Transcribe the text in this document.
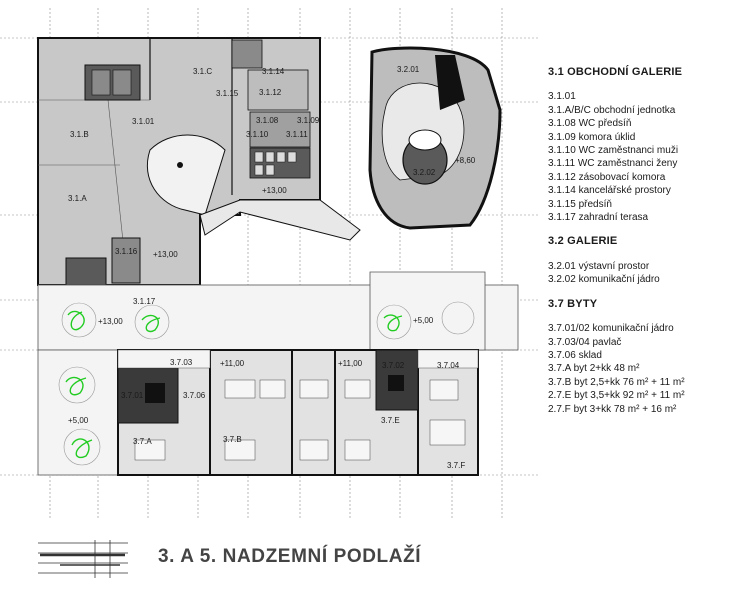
3.1.C	3.1.14
3.1.15	3.1.12
3.1.01
3.1.B
3.1.08 3.1.09
3.1.10 3.1.11
3.1.A
3.1.16
3.1.17
3.2.01
3.2.02
3.7.01
3.7.03
3.7.06
3.7.02	3.7.04
3.7.A	3.7.B
3.7.E
3.7.F
+13,00
+13,00
+13,00
+8,60
+5,00
+5,00
+11,00	+11,00
3.1 OBCHODNÍ GALERIE
3.1.01
3.1.A/B/C obchodní jednotka
3.1.08 WC předsíň
3.1.09 komora úklid
3.1.10 WC zaměstnanci muži
3.1.11 WC zaměstnanci ženy
3.1.12 zásobovací komora
3.1.14 kancelářské prostory
3.1.15 předsíň
3.1.17 zahradní terasa
3.2 GALERIE
3.2.01 výstavní prostor
3.2.02 komunikační jádro
3.7 BYTY
3.7.01/02 komunikační jádro
3.7.03/04 pavlač
3.7.06 sklad
3.7.A byt 2+kk 48 m²
3.7.B byt 2,5+kk 76 m² + 11 m²
2.7.E byt 3,5+kk 92 m² + 11 m²
2.7.F byt 3+kk 78 m² + 16 m²
3. A 5. NADZEMNÍ PODLAŽÍ
